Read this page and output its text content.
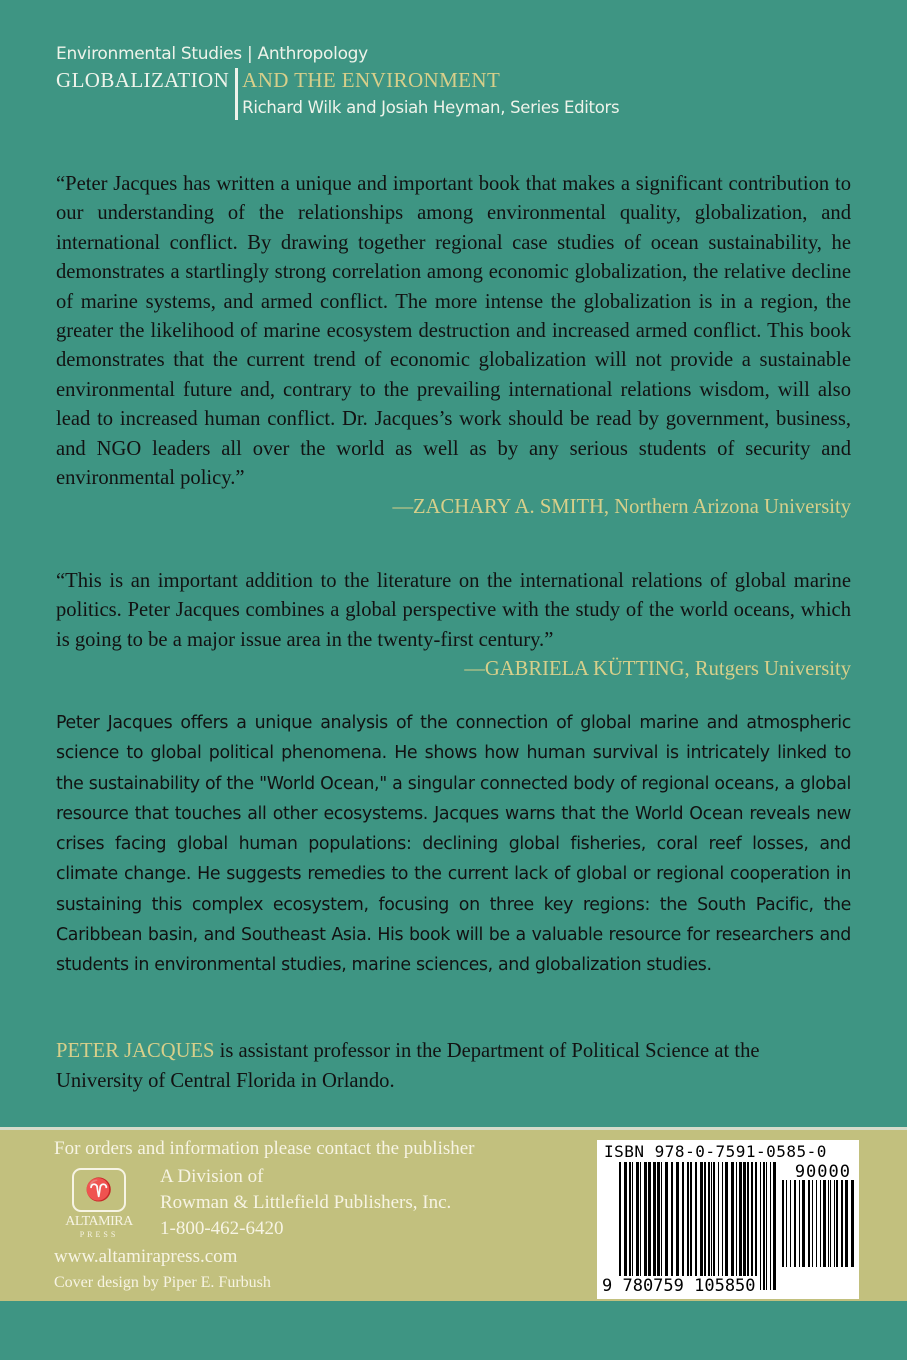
Environmental Studies | Anthropology
GLOBALIZATION AND THE ENVIRONMENT
Richard Wilk and Josiah Heyman, Series Editors
“Peter Jacques has written a unique and important book that makes a significant contribution to our understanding of the relationships among environmental quality, globalization, and international conflict. By drawing together regional case studies of ocean sustainability, he demonstrates a startlingly strong correlation among economic globalization, the relative decline of marine systems, and armed conflict. The more intense the globalization is in a region, the greater the likelihood of marine ecosystem destruction and increased armed conflict. This book demonstrates that the current trend of economic globalization will not provide a sustainable environmental future and, contrary to the prevailing international relations wisdom, will also lead to increased human conflict. Dr. Jacques’s work should be read by government, business, and NGO leaders all over the world as well as by any serious students of security and environmental policy.”
—ZACHARY A. SMITH, Northern Arizona University
“This is an important addition to the literature on the international relations of global marine politics. Peter Jacques combines a global perspective with the study of the world oceans, which is going to be a major issue area in the twenty-first century.”
—GABRIELA KÜTTING, Rutgers University
Peter Jacques offers a unique analysis of the connection of global marine and atmospheric science to global political phenomena. He shows how human survival is intricately linked to the sustainability of the "World Ocean," a singular connected body of regional oceans, a global resource that touches all other ecosystems. Jacques warns that the World Ocean reveals new crises facing global human populations: declining global fisheries, coral reef losses, and climate change. He suggests remedies to the current lack of global or regional cooperation in sustaining this complex ecosystem, focusing on three key regions: the South Pacific, the Caribbean basin, and Southeast Asia. His book will be a valuable resource for researchers and students in environmental studies, marine sciences, and globalization studies.
PETER JACQUES is assistant professor in the Department of Political Science at the University of Central Florida in Orlando.
For orders and information please contact the publisher
♈
ALTAMIRA
PRESS
A Division of
Rowman & Littlefield Publishers, Inc.
1-800-462-6420
www.altamirapress.com
Cover design by Piper E. Furbush
ISBN 978-0-7591-0585-0
90000
9 780759 105850
